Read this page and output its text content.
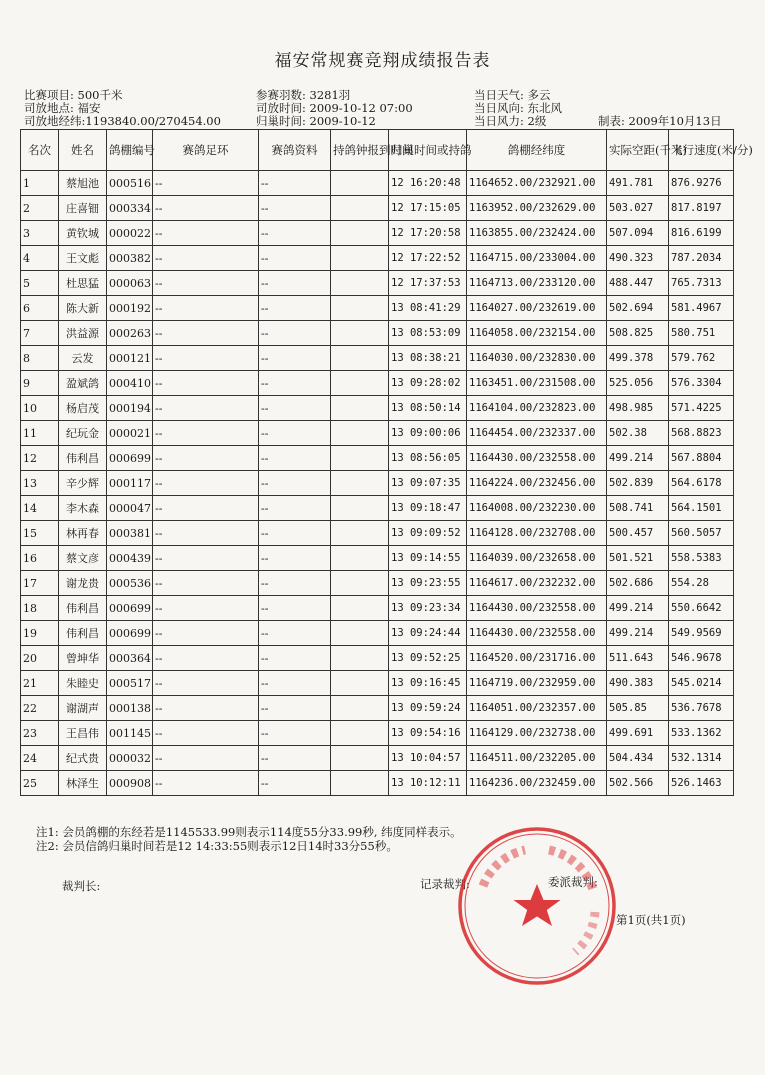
福安常规赛竞翔成绩报告表
比赛项目: 500千米
司放地点: 福安
司放地经纬:1193840.00/270454.00
参赛羽数: 3281羽
司放时间: 2009-10-12 07:00
归巢时间: 2009-10-12
当日天气: 多云
当日风向: 东北风
当日风力: 2级	制表: 2009年10月13日
名次	姓名	鸽棚编号	赛鸽足环	赛鸽资料	持鸽钟报到时间	归巢时间或持鸽	鸽棚经纬度	实际空距(千米)	飞行速度(米/分)
1	蔡旭池	000516	--	--		12 16:20:48	1164652.00/232921.00	491.781	876.9276
2	庄喜钿	000334	--	--		12 17:15:05	1163952.00/232629.00	503.027	817.8197
3	黄钦城	000022	--	--		12 17:20:58	1163855.00/232424.00	507.094	816.6199
4	王文彪	000382	--	--		12 17:22:52	1164715.00/233004.00	490.323	787.2034
5	杜思猛	000063	--	--		12 17:37:53	1164713.00/233120.00	488.447	765.7313
6	陈大新	000192	--	--		13 08:41:29	1164027.00/232619.00	502.694	581.4967
7	洪益源	000263	--	--		13 08:53:09	1164058.00/232154.00	508.825	580.751
8	云发	000121	--	--		13 08:38:21	1164030.00/232830.00	499.378	579.762
9	盈斌鸽	000410	--	--		13 09:28:02	1163451.00/231508.00	525.056	576.3304
10	杨启茂	000194	--	--		13 08:50:14	1164104.00/232823.00	498.985	571.4225
11	纪玩金	000021	--	--		13 09:00:06	1164454.00/232337.00	502.38	568.8823
12	伟利昌	000699	--	--		13 08:56:05	1164430.00/232558.00	499.214	567.8804
13	辛少辉	000117	--	--		13 09:07:35	1164224.00/232456.00	502.839	564.6178
14	李木森	000047	--	--		13 09:18:47	1164008.00/232230.00	508.741	564.1501
15	林再春	000381	--	--		13 09:09:52	1164128.00/232708.00	500.457	560.5057
16	蔡文彦	000439	--	--		13 09:14:55	1164039.00/232658.00	501.521	558.5383
17	谢龙贵	000536	--	--		13 09:23:55	1164617.00/232232.00	502.686	554.28
18	伟利昌	000699	--	--		13 09:23:34	1164430.00/232558.00	499.214	550.6642
19	伟利昌	000699	--	--		13 09:24:44	1164430.00/232558.00	499.214	549.9569
20	曾坤华	000364	--	--		13 09:52:25	1164520.00/231716.00	511.643	546.9678
21	朱睦史	000517	--	--		13 09:16:45	1164719.00/232959.00	490.383	545.0214
22	谢湖声	000138	--	--		13 09:59:24	1164051.00/232357.00	505.85	536.7678
23	王昌伟	001145	--	--		13 09:54:16	1164129.00/232738.00	499.691	533.1362
24	纪式贵	000032	--	--		13 10:04:57	1164511.00/232205.00	504.434	532.1314
25	林泽生	000908	--	--		13 10:12:11	1164236.00/232459.00	502.566	526.1463
注1: 会员鸽棚的东经若是1145533.99则表示114度55分33.99秒, 纬度同样表示。
注2: 会员信鸽归巢时间若是12 14:33:55则表示12日14时33分55秒。
裁判长:	记录裁判:	委派裁判:
第1页(共1页)
